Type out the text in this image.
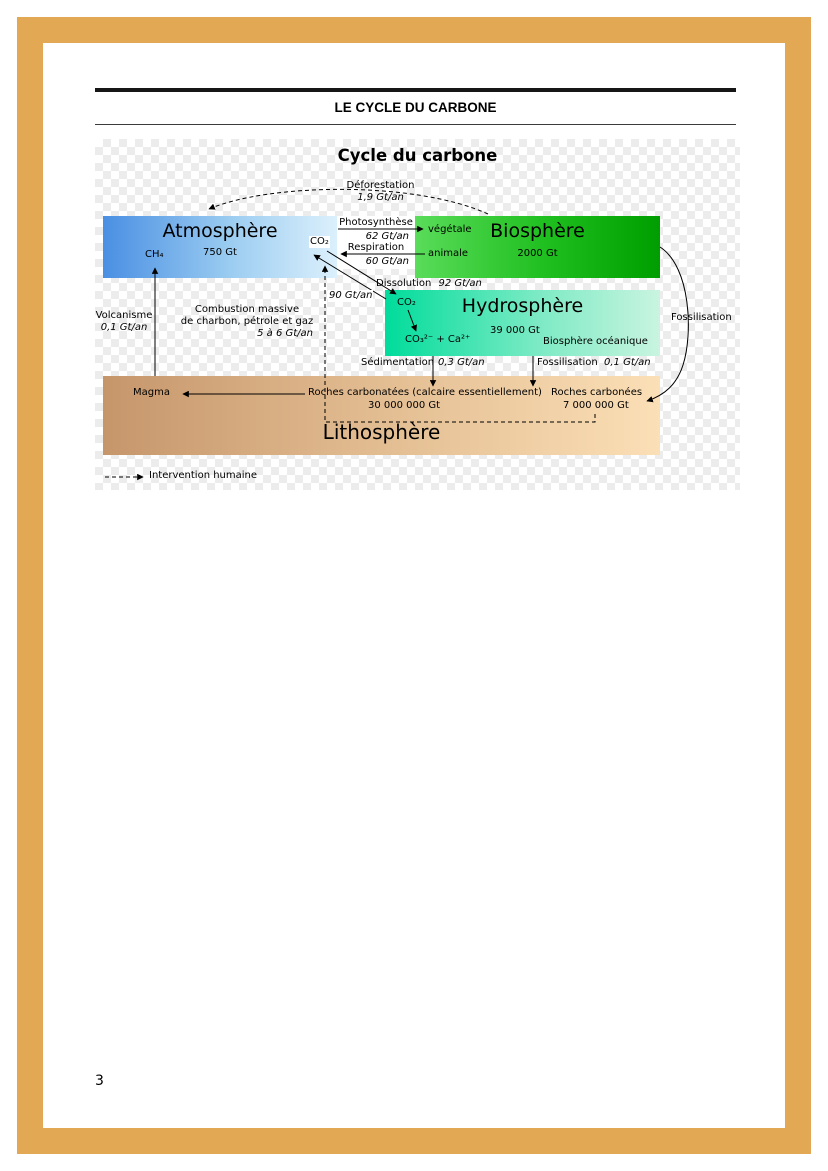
LE CYCLE DU CARBONE
Cycle du carbone
Atmosphère
750 Gt
CH₄
Biosphère
2000 Gt
végétale
animale
Hydrosphère
CO₂
39 000 Gt
CO₃²⁻ + Ca²⁺	Biosphère océanique
Lithosphère
Magma	Roches carbonatées (calcaire essentiellement)
30 000 000 Gt
Roches carbonées
7 000 000 Gt
Déforestation
1,9 Gt/an
Photosynthèse
62 Gt/an
Respiration
60 Gt/an
CO₂
Dissolution 92 Gt/an
90 Gt/an
Volcanisme
0,1 Gt/an
Combustion massive
de charbon, pétrole et gaz
5 à 6 Gt/an
Sédimentation 0,3 Gt/an	Fossilisation 0,1 Gt/an
Fossilisation
Intervention humaine
3
